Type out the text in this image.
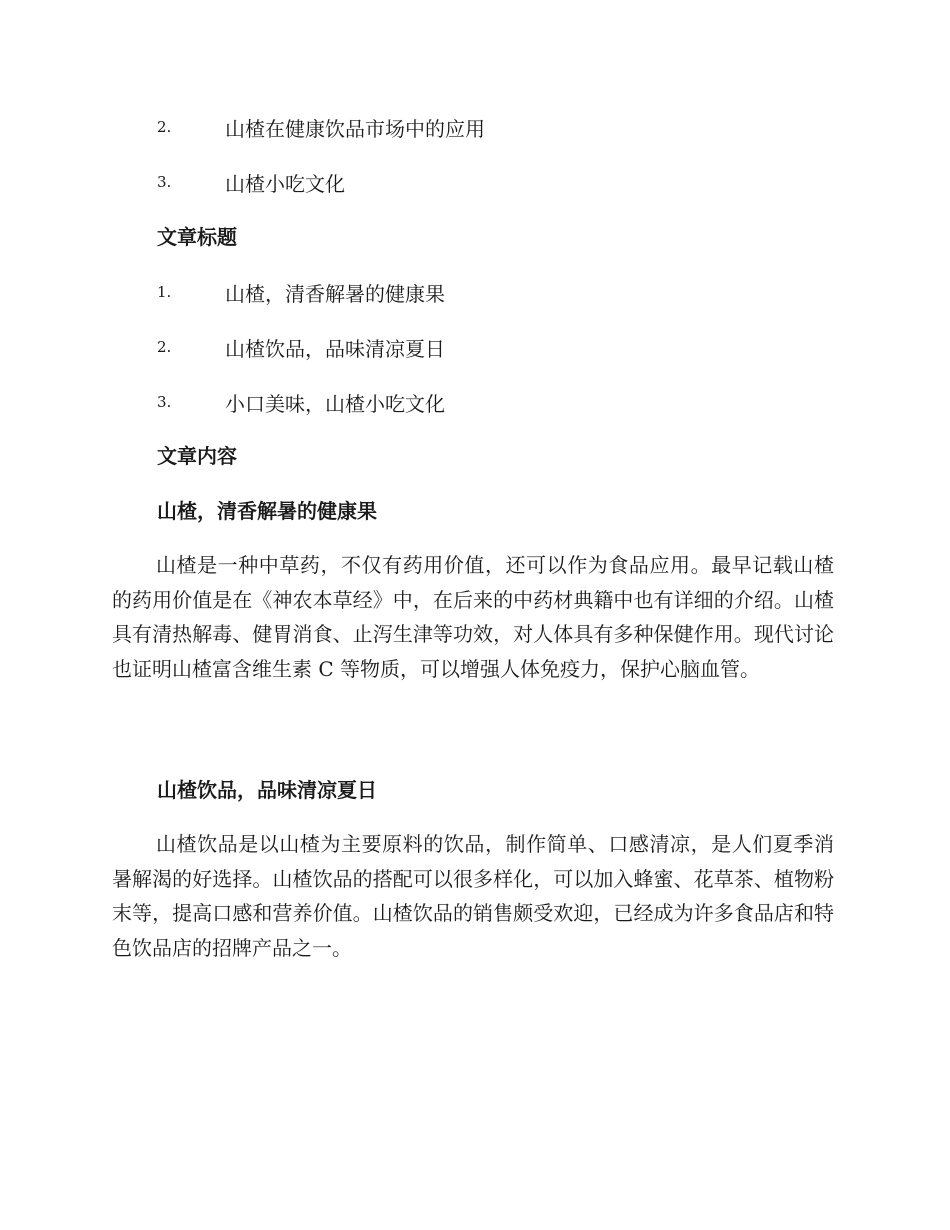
2.	山楂在健康饮品市场中的应用
3.	山楂小吃文化
文章标题
1.	山楂，清香解暑的健康果
2.	山楂饮品，品味清凉夏日
3.	小口美味，山楂小吃文化
文章内容
山楂，清香解暑的健康果

山楂是一种中草药，不仅有药用价值，还可以作为食品应用。最早记载山楂的药用价值是在《神农本草经》中，在后来的中药材典籍中也有详细的介绍。山楂具有清热解毒、健胃消食、止泻生津等功效，对人体具有多种保健作用。现代讨论也证明山楂富含维生素 C 等物质，可以增强人体免疫力，保护心脑血管。

山楂饮品，品味清凉夏日

山楂饮品是以山楂为主要原料的饮品，制作简单、口感清凉，是人们夏季消暑解渴的好选择。山楂饮品的搭配可以很多样化，可以加入蜂蜜、花草茶、植物粉末等，提高口感和营养价值。山楂饮品的销售颇受欢迎，已经成为许多食品店和特色饮品店的招牌产品之一。
